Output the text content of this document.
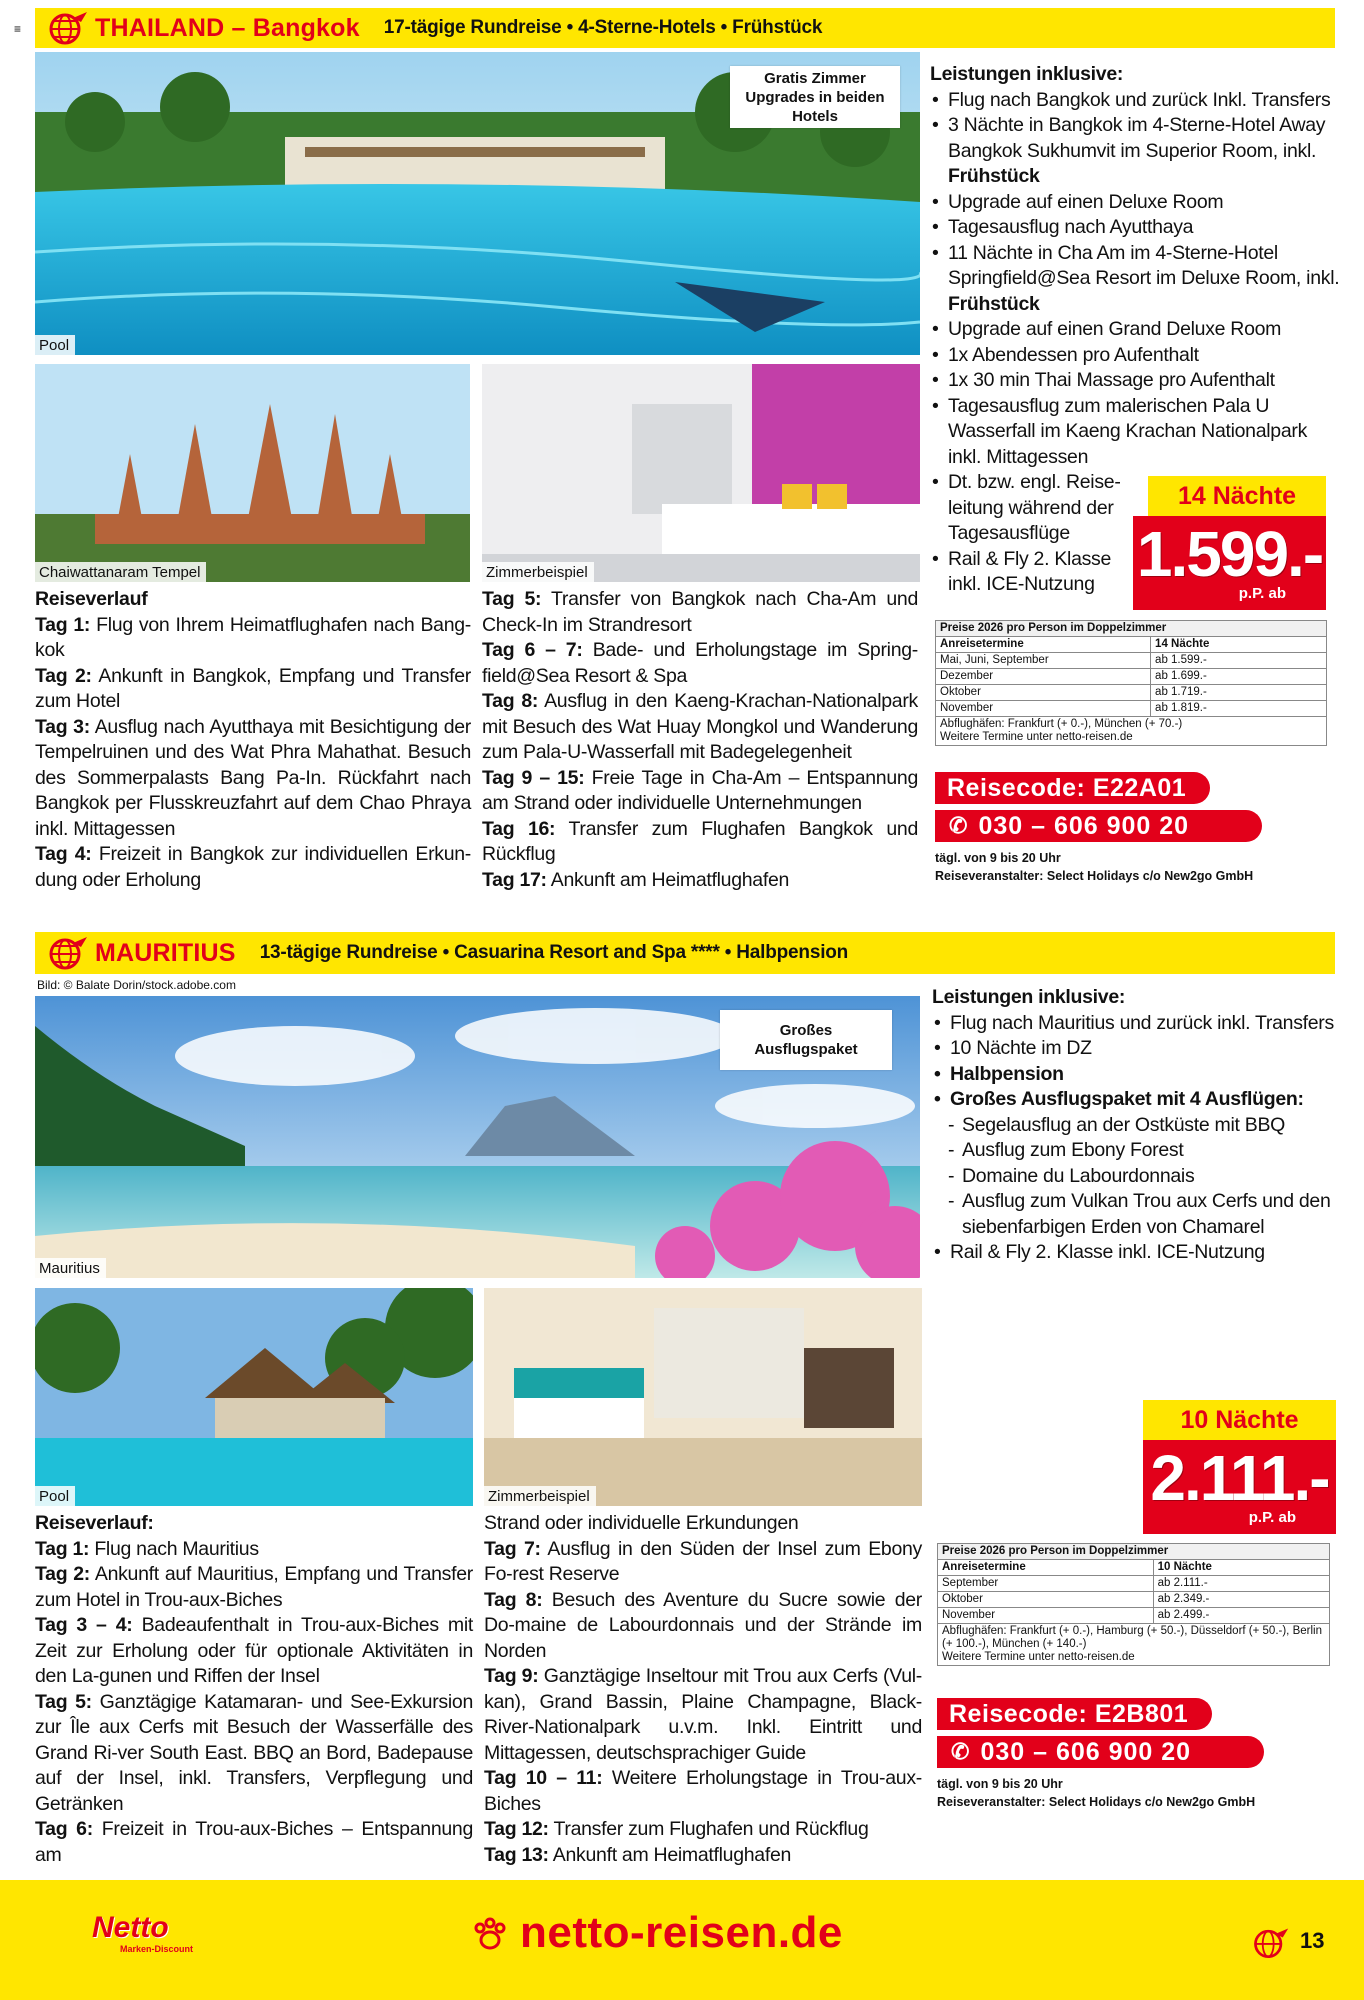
≡	THAILAND – Bangkok 17-tägige Rundreise • 4-Sterne-Hotels • Frühstück
Pool
Gratis Zimmer Upgrades in beiden Hotels
Chaiwattanaram Tempel	Zimmerbeispiel
Leistungen inklusive:
• Flug nach Bangkok und zurück Inkl. Transfers
• 3 Nächte in Bangkok im 4-Sterne-Hotel Away Bangkok Sukhumvit im Superior Room, inkl.
Frühstück
• Upgrade auf einen Deluxe Room
• Tagesausflug nach Ayutthaya
• 11 Nächte in Cha Am im 4-Sterne-Hotel Springfield@Sea Resort im Deluxe Room, inkl. Frühstück
• Upgrade auf einen Grand Deluxe Room
• 1x Abendessen pro Aufenthalt
• 1x 30 min Thai Massage pro Aufenthalt
• Tagesausflug zum malerischen Pala U Wasserfall im Kaeng Krachan Nationalpark inkl. Mittagessen
• Dt. bzw. engl. Reise-leitung während der Tagesausflüge
• Rail & Fly 2. Klasse inkl. ICE-Nutzung
14 Nächte
1.599.-
p.P. ab
Reiseverlauf
Tag 1: Flug von Ihrem Heimatflughafen nach Bang-kok
Tag 2: Ankunft in Bangkok, Empfang und Transfer zum Hotel
Tag 3: Ausflug nach Ayutthaya mit Besichtigung der Tempelruinen und des Wat Phra Mahathat. Besuch des Sommerpalasts Bang Pa-In. Rückfahrt nach Bangkok per Flusskreuzfahrt auf dem Chao Phraya inkl. Mittagessen
Tag 4: Freizeit in Bangkok zur individuellen Erkun-dung oder Erholung
Tag 5: Transfer von Bangkok nach Cha-Am und Check-In im Strandresort
Tag 6 – 7: Bade- und Erholungstage im Spring-field@Sea Resort & Spa
Tag 8: Ausflug in den Kaeng-Krachan-Nationalpark mit Besuch des Wat Huay Mongkol und Wanderung zum Pala-U-Wasserfall mit Badegelegenheit
Tag 9 – 15: Freie Tage in Cha-Am – Entspannung am Strand oder individuelle Unternehmungen
Tag 16: Transfer zum Flughafen Bangkok und Rückflug
Tag 17: Ankunft am Heimatflughafen
Preise 2026 pro Person im Doppelzimmer	
Anreisetermine	14 Nächte
Mai, Juni, September	ab 1.599.-
Dezember	ab 1.699.-
Oktober	ab 1.719.-
November	ab 1.819.-
Abflughäfen: Frankfurt (+ 0.-), München (+ 70.-)
Weitere Termine unter netto-reisen.de	
Reisecode: E22A01
✆ 030 – 606 900 20
tägl. von 9 bis 20 Uhr
Reiseveranstalter: Select Holidays c/o New2go GmbH
MAURITIUS 13-tägige Rundreise • Casuarina Resort and Spa **** • Halbpension
Bild: © Balate Dorin/stock.adobe.com
Mauritius
Großes Ausflugspaket
Pool	Zimmerbeispiel
Leistungen inklusive:
• Flug nach Mauritius und zurück inkl. Transfers
• 10 Nächte im DZ
• Halbpension
• Großes Ausflugspaket mit 4 Ausflügen:
- Segelausflug an der Ostküste mit BBQ
- Ausflug zum Ebony Forest
- Domaine du Labourdonnais
- Ausflug zum Vulkan Trou aux Cerfs und den siebenfarbigen Erden von Chamarel
• Rail & Fly 2. Klasse inkl. ICE-Nutzung
10 Nächte
2.111.-
p.P. ab
Reiseverlauf:
Tag 1: Flug nach Mauritius
Tag 2: Ankunft auf Mauritius, Empfang und Transfer zum Hotel in Trou-aux-Biches
Tag 3 – 4: Badeaufenthalt in Trou-aux-Biches mit Zeit zur Erholung oder für optionale Aktivitäten in den La-gunen und Riffen der Insel
Tag 5: Ganztägige Katamaran- und See-Exkursion zur Île aux Cerfs mit Besuch der Wasserfälle des Grand Ri-ver South East. BBQ an Bord, Badepause auf der Insel, inkl. Transfers, Verpflegung und Getränken
Tag 6: Freizeit in Trou-aux-Biches – Entspannung am
Strand oder individuelle Erkundungen
Tag 7: Ausflug in den Süden der Insel zum Ebony Fo-rest Reserve
Tag 8: Besuch des Aventure du Sucre sowie der Do-maine de Labourdonnais und der Strände im Norden
Tag 9: Ganztägige Inseltour mit Trou aux Cerfs (Vul-kan), Grand Bassin, Plaine Champagne, Black-River-Nationalpark u.v.m. Inkl. Eintritt und Mittagessen, deutschsprachiger Guide
Tag 10 – 11: Weitere Erholungstage in Trou-aux-Biches
Tag 12: Transfer zum Flughafen und Rückflug
Tag 13: Ankunft am Heimatflughafen
Preise 2026 pro Person im Doppelzimmer	
Anreisetermine	10 Nächte
September	ab 2.111.-
Oktober	ab 2.349.-
November	ab 2.499.-
Abflughäfen: Frankfurt (+ 0.-), Hamburg (+ 50.-), Düsseldorf (+ 50.-), Berlin (+ 100.-), München (+ 140.-)
Weitere Termine unter netto-reisen.de	
Reisecode: E2B801
✆ 030 – 606 900 20
tägl. von 9 bis 20 Uhr
Reiseveranstalter: Select Holidays c/o New2go GmbH
Netto
Marken-Discount	netto-reisen.de	13
